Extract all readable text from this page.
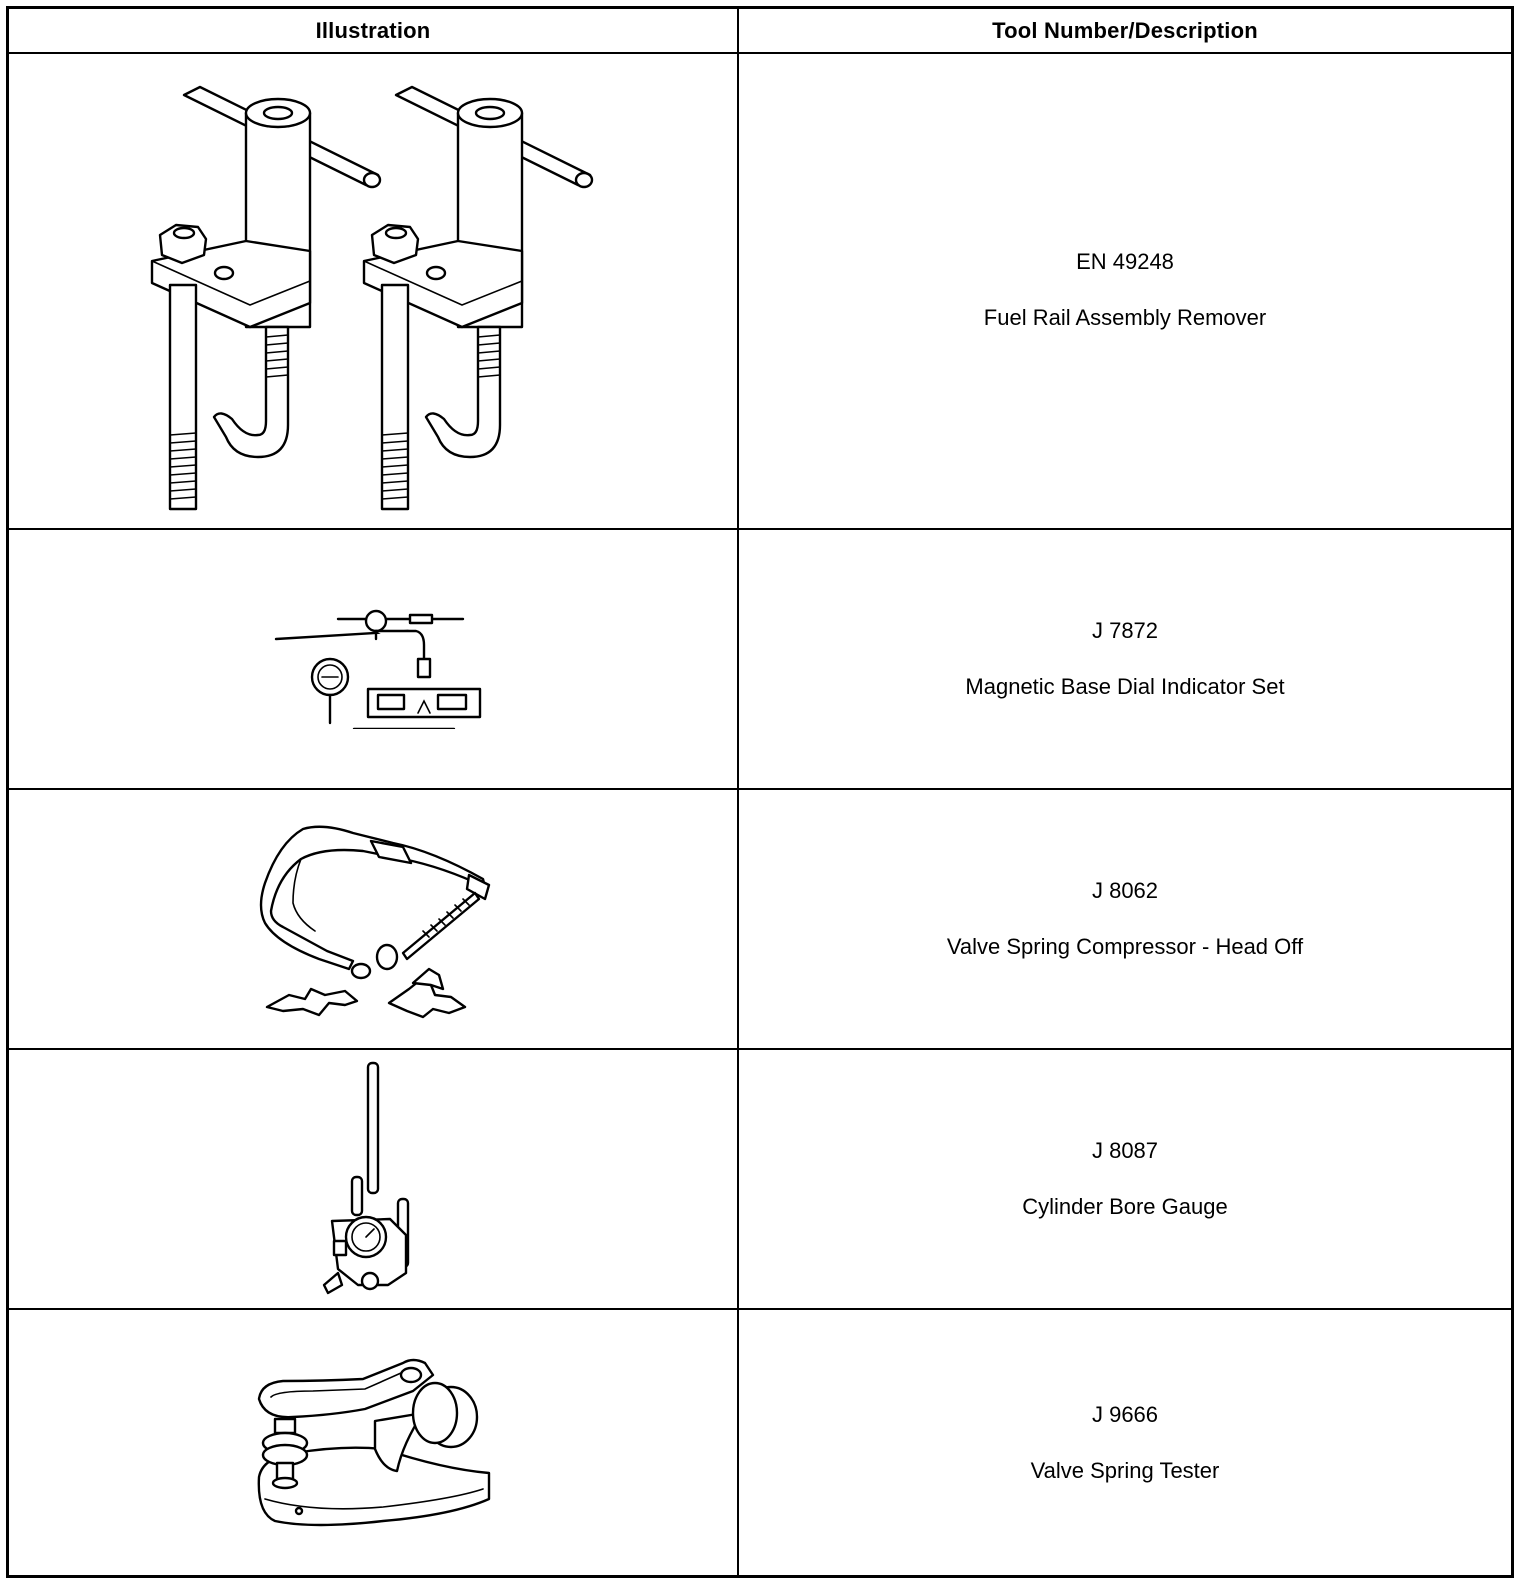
Illustration	Tool Number/Description
EN 49248
Fuel Rail Assembly Remover
J 7872
Magnetic Base Dial Indicator Set
J 8062
Valve Spring Compressor - Head Off
J 8087
Cylinder Bore Gauge
J 9666
Valve Spring Tester
